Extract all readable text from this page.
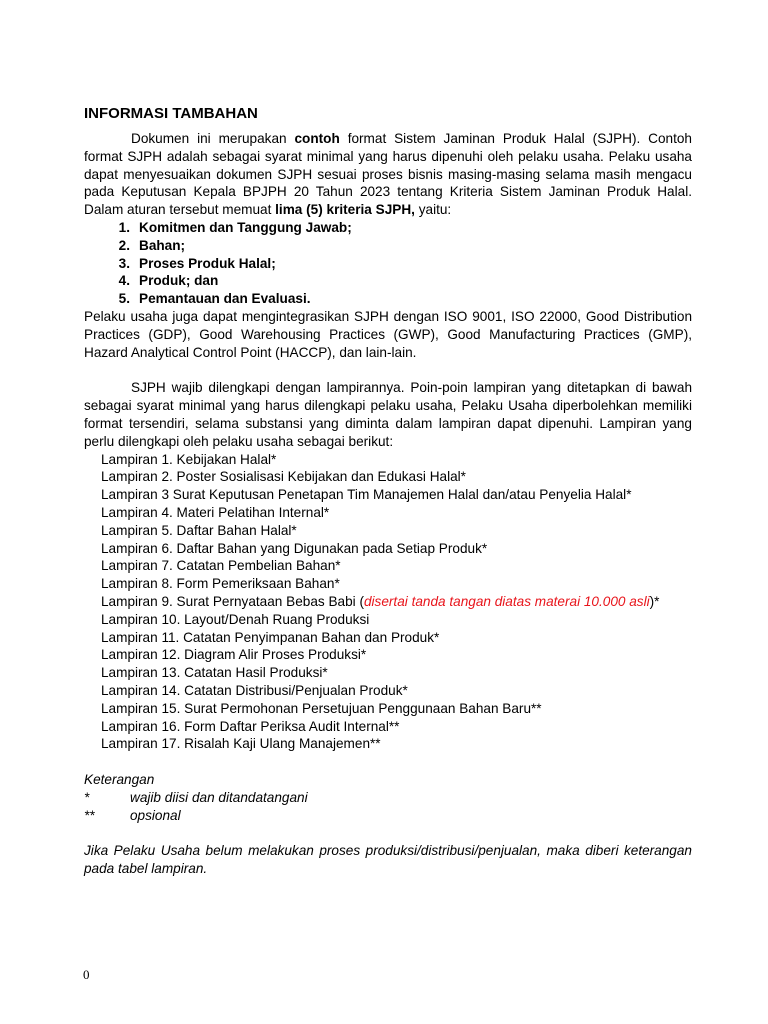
INFORMASI TAMBAHAN

Dokumen ini merupakan contoh format Sistem Jaminan Produk Halal (SJPH). Contoh format SJPH adalah sebagai syarat minimal yang harus dipenuhi oleh pelaku usaha. Pelaku usaha dapat menyesuaikan dokumen SJPH sesuai proses bisnis masing-masing selama masih mengacu pada Keputusan Kepala BPJPH 20 Tahun 2023 tentang Kriteria Sistem Jaminan Produk Halal. Dalam aturan tersebut memuat lima (5) kriteria SJPH, yaitu:

1. Komitmen dan Tanggung Jawab;
2. Bahan;
3. Proses Produk Halal;
4. Produk; dan
5. Pemantauan dan Evaluasi.

Pelaku usaha juga dapat mengintegrasikan SJPH dengan ISO 9001, ISO 22000, Good Distribution Practices (GDP), Good Warehousing Practices (GWP), Good Manufacturing Practices (GMP), Hazard Analytical Control Point (HACCP), dan lain-lain.

SJPH wajib dilengkapi dengan lampirannya. Poin-poin lampiran yang ditetapkan di bawah sebagai syarat minimal yang harus dilengkapi pelaku usaha, Pelaku Usaha diperbolehkan memiliki format tersendiri, selama substansi yang diminta dalam lampiran dapat dipenuhi. Lampiran yang perlu dilengkapi oleh pelaku usaha sebagai berikut:

Lampiran 1. Kebijakan Halal*
Lampiran 2. Poster Sosialisasi Kebijakan dan Edukasi Halal*
Lampiran 3 Surat Keputusan Penetapan Tim Manajemen Halal dan/atau Penyelia Halal*
Lampiran 4. Materi Pelatihan Internal*
Lampiran 5. Daftar Bahan Halal*
Lampiran 6. Daftar Bahan yang Digunakan pada Setiap Produk*
Lampiran 7. Catatan Pembelian Bahan*
Lampiran 8. Form Pemeriksaan Bahan*
Lampiran 9. Surat Pernyataan Bebas Babi (disertai tanda tangan diatas materai 10.000 asli)*
Lampiran 10. Layout/Denah Ruang Produksi
Lampiran 11. Catatan Penyimpanan Bahan dan Produk*
Lampiran 12. Diagram Alir Proses Produksi*
Lampiran 13. Catatan Hasil Produksi*
Lampiran 14. Catatan Distribusi/Penjualan Produk*
Lampiran 15. Surat Permohonan Persetujuan Penggunaan Bahan Baru**
Lampiran 16. Form Daftar Periksa Audit Internal**
Lampiran 17. Risalah Kaji Ulang Manajemen**
Keterangan
*	wajib diisi dan ditandatangani
**	opsional

Jika Pelaku Usaha belum melakukan proses produksi/distribusi/penjualan, maka diberi keterangan pada tabel lampiran.

0
